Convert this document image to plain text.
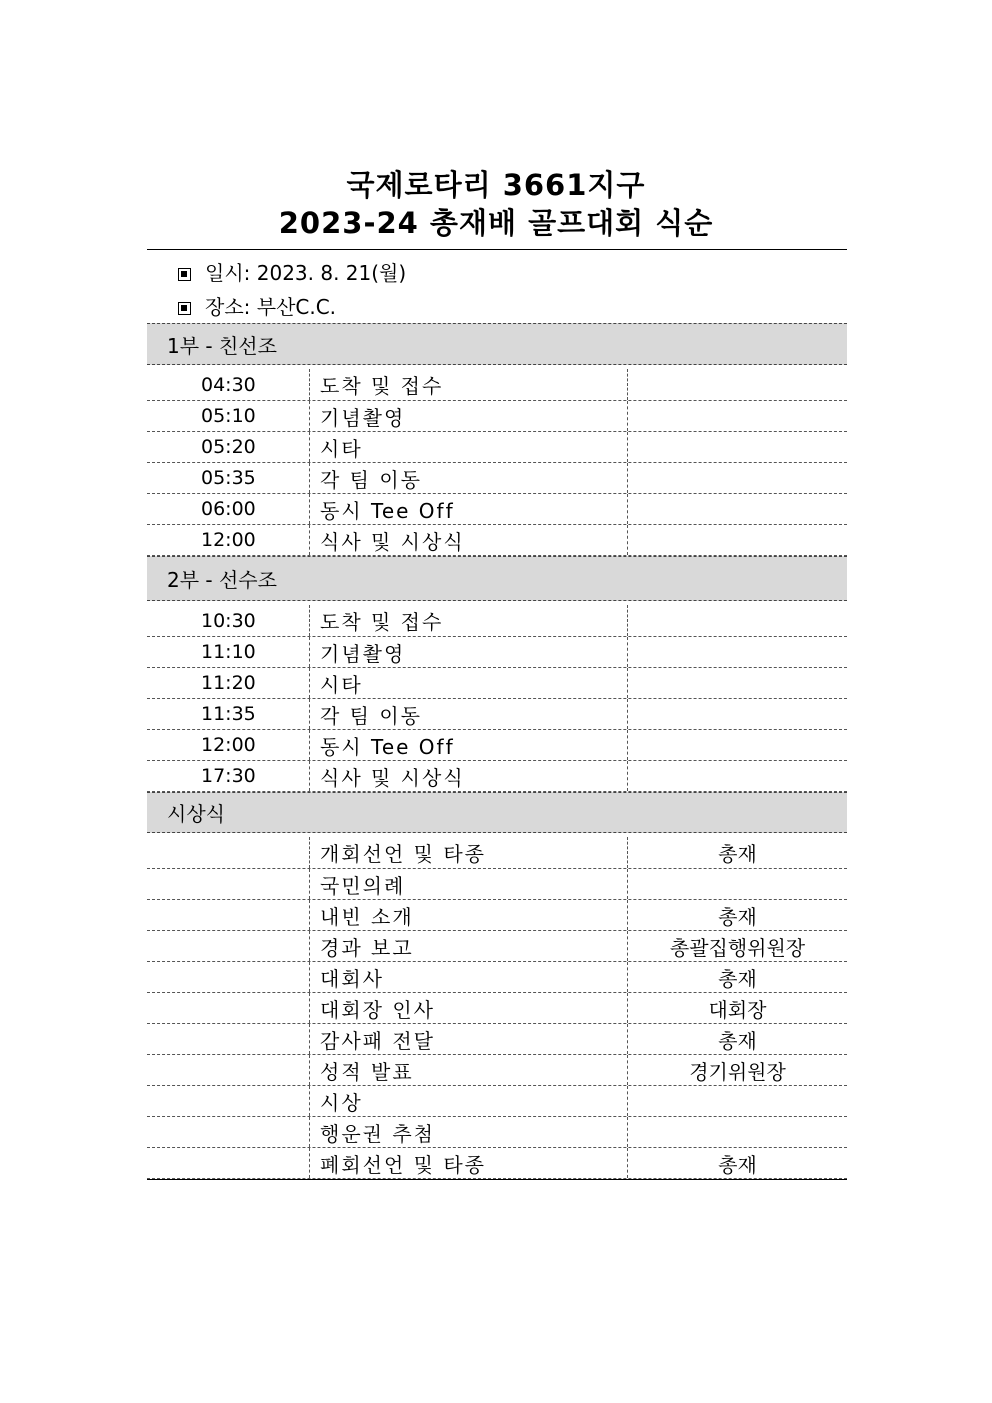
국제로타리 3661지구
2023-24 총재배 골프대회 식순
일시: 2023. 8. 21(월)
장소: 부산C.C.
1부 - 친선조
04:30	도착 및 접수
05:10	기념촬영
05:20	시타
05:35	각 팀 이동
06:00	동시 Tee Off
12:00	식사 및 시상식
2부 - 선수조
10:30	도착 및 접수
11:10	기념촬영
11:20	시타
11:35	각 팀 이동
12:00	동시 Tee Off
17:30	식사 및 시상식
시상식
개회선언 및 타종	총재
국민의례
내빈 소개	총재
경과 보고	총괄집행위원장
대회사	총재
대회장 인사	대회장
감사패 전달	총재
성적 발표	경기위원장
시상
행운권 추첨
폐회선언 및 타종	총재
